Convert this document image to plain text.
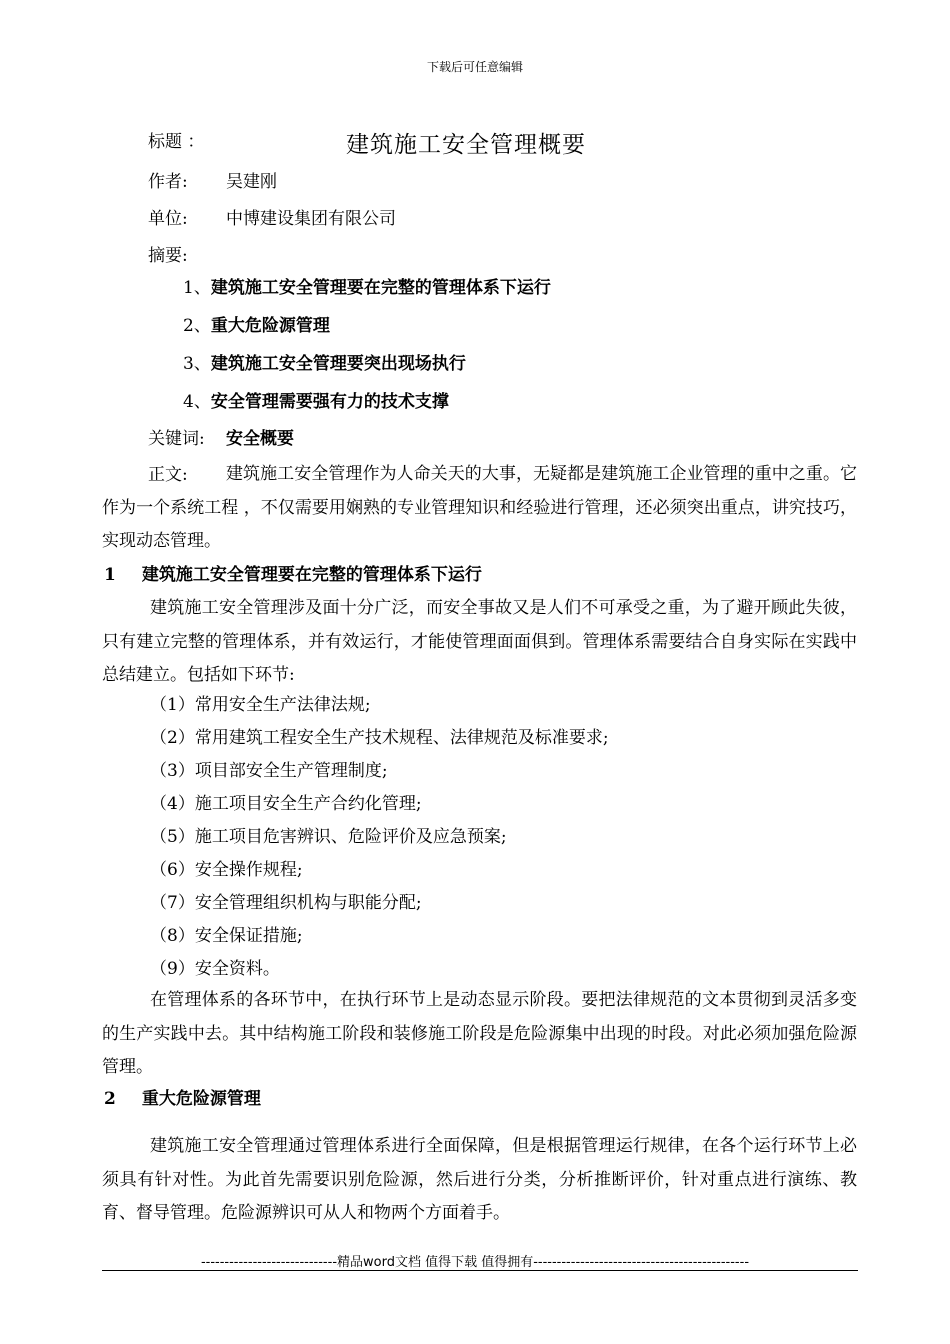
下载后可任意编辑
标题 ：	建筑施工安全管理概要
作者: 吴建刚
单位: 中博建设集团有限公司
摘要:
1、建筑施工安全管理要在完整的管理体系下运行
2、重大危险源管理
3、建筑施工安全管理要突出现场执行
4、安全管理需要强有力的技术支撑
关键词: 安全概要
正文:	建筑施工安全管理作为人命关天的大事，无疑都是建筑施工企业管理的重中之重。它作为一个系统工程 ，不仅需要用娴熟的专业管理知识和经验进行管理，还必须突出重点，讲究技巧，实现动态管理。

1 建筑施工安全管理要在完整的管理体系下运行

建筑施工安全管理涉及面十分广泛，而安全事故又是人们不可承受之重，为了避开顾此失彼，只有建立完整的管理体系，并有效运行，才能使管理面面俱到。管理体系需要结合自身实际在实践中总结建立。包括如下环节:

（1）常用安全生产法律法规;
（2）常用建筑工程安全生产技术规程、法律规范及标准要求;
（3）项目部安全生产管理制度;
（4）施工项目安全生产合约化管理;
（5）施工项目危害辨识、危险评价及应急预案;
（6）安全操作规程;
（7）安全管理组织机构与职能分配;
（8）安全保证措施;
（9）安全资料。

在管理体系的各环节中，在执行环节上是动态显示阶段。要把法律规范的文本贯彻到灵活多变的生产实践中去。其中结构施工阶段和装修施工阶段是危险源集中出现的时段。对此必须加强危险源管理。

2 重大危险源管理

建筑施工安全管理通过管理体系进行全面保障，但是根据管理运行规律，在各个运行环节上必须具有针对性。为此首先需要识别危险源，然后进行分类，分析推断评价，针对重点进行演练、教育、督导管理。危险源辨识可从人和物两个方面着手。

-----------------------------精品word文档 值得下载 值得拥有----------------------------------------------
